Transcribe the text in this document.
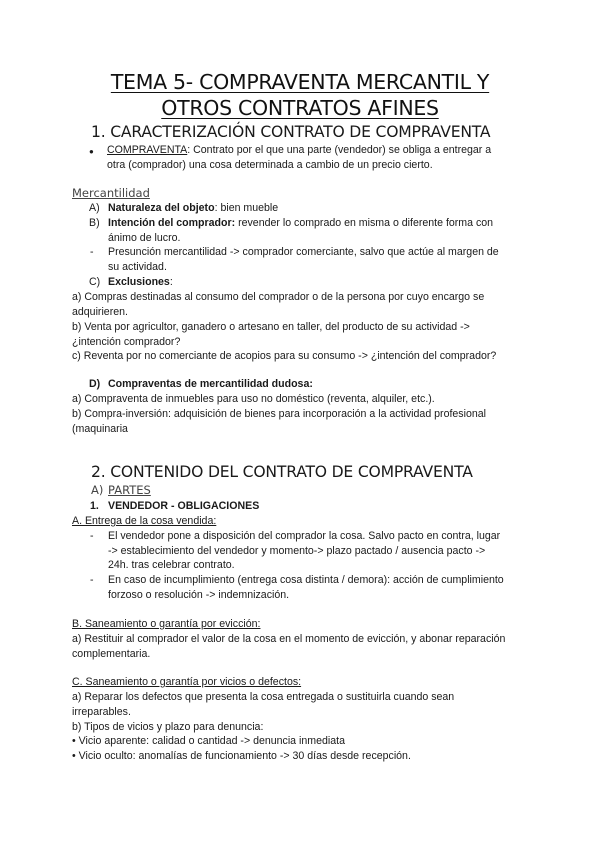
TEMA 5- COMPRAVENTA MERCANTIL Y
OTROS CONTRATOS AFINES
1. CARACTERIZACIÓN CONTRATO DE COMPRAVENTA
● COMPRAVENTA: Contrato por el que una parte (vendedor) se obliga a entregar a
otra (comprador) una cosa determinada a cambio de un precio cierto.
Mercantilidad
A) Naturaleza del objeto: bien mueble
B) Intención del comprador: revender lo comprado en misma o diferente forma con
ánimo de lucro.
- Presunción mercantilidad -> comprador comerciante, salvo que actúe al margen de
su actividad.
C) Exclusiones:
a) Compras destinadas al consumo del comprador o de la persona por cuyo encargo se
adquirieren.
b) Venta por agricultor, ganadero o artesano en taller, del producto de su actividad ->
¿intención comprador?
c) Reventa por no comerciante de acopios para su consumo -> ¿intención del comprador?
D) Compraventas de mercantilidad dudosa:
a) Compraventa de inmuebles para uso no doméstico (reventa, alquiler, etc.).
b) Compra-inversión: adquisición de bienes para incorporación a la actividad profesional
(maquinaria
2. CONTENIDO DEL CONTRATO DE COMPRAVENTA
A) PARTES
1. VENDEDOR - OBLIGACIONES
A. Entrega de la cosa vendida:
- El vendedor pone a disposición del comprador la cosa. Salvo pacto en contra, lugar
-> establecimiento del vendedor y momento-> plazo pactado / ausencia pacto ->
24h. tras celebrar contrato.
- En caso de incumplimiento (entrega cosa distinta / demora): acción de cumplimiento
forzoso o resolución -> indemnización.
B. Saneamiento o garantía por evicción:
a) Restituir al comprador el valor de la cosa en el momento de evicción, y abonar reparación
complementaria.
C. Saneamiento o garantía por vicios o defectos:
a) Reparar los defectos que presenta la cosa entregada o sustituirla cuando sean
irreparables.
b) Tipos de vicios y plazo para denuncia:
• Vicio aparente: calidad o cantidad -> denuncia inmediata
• Vicio oculto: anomalías de funcionamiento -> 30 días desde recepción.
